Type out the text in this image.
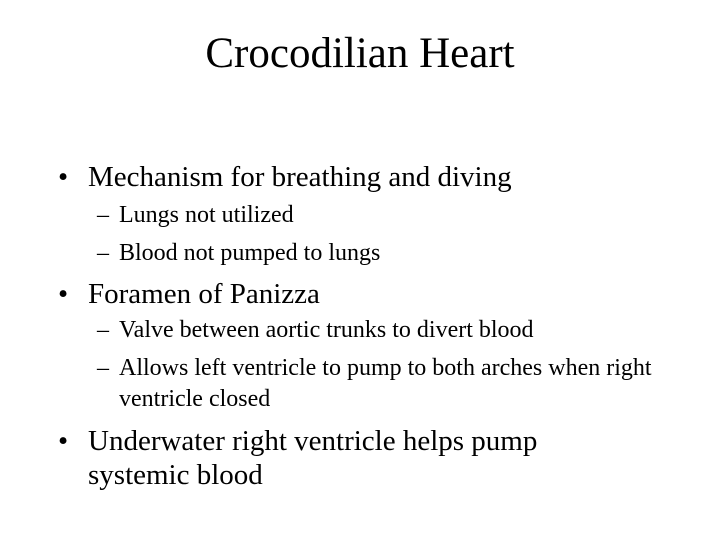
Crocodilian Heart
• Mechanism for breathing and diving
– Lungs not utilized
– Blood not pumped to lungs
• Foramen of Panizza
– Valve between aortic trunks to divert blood
– Allows left ventricle to pump to both arches when right ventricle closed
• Underwater right ventricle helps pump systemic blood
